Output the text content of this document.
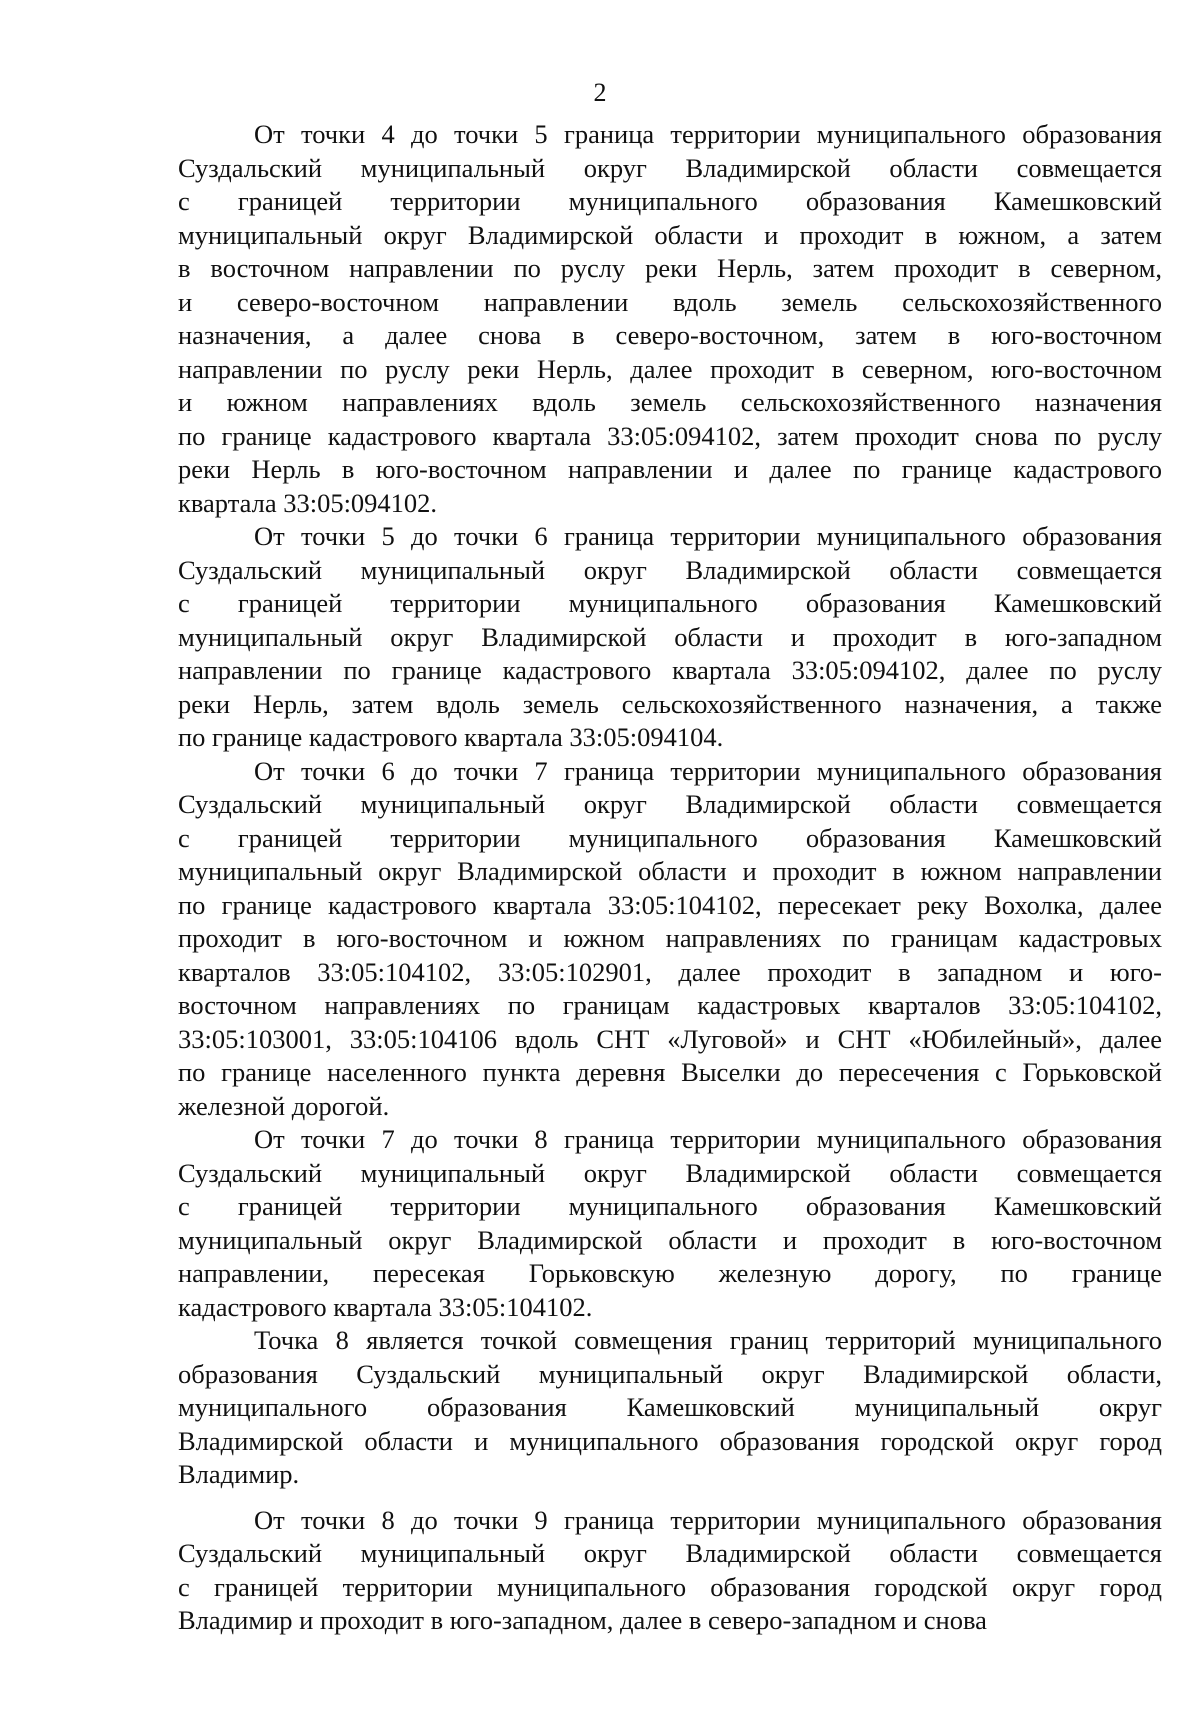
2
От точки 4 до точки 5 граница территории муниципального образования
Суздальский муниципальный округ Владимирской области совмещается
с границей территории муниципального образования Камешковский
муниципальный округ Владимирской области и проходит в южном, а затем
в восточном направлении по руслу реки Нерль, затем проходит в северном,
и северо-восточном направлении вдоль земель сельскохозяйственного
назначения, а далее снова в северо-восточном, затем в юго-восточном
направлении по руслу реки Нерль, далее проходит в северном, юго-восточном
и южном направлениях вдоль земель сельскохозяйственного назначения
по границе кадастрового квартала 33:05:094102, затем проходит снова по руслу
реки Нерль в юго-восточном направлении и далее по границе кадастрового
квартала 33:05:094102.
От точки 5 до точки 6 граница территории муниципального образования
Суздальский муниципальный округ Владимирской области совмещается
с границей территории муниципального образования Камешковский
муниципальный округ Владимирской области и проходит в юго-западном
направлении по границе кадастрового квартала 33:05:094102, далее по руслу
реки Нерль, затем вдоль земель сельскохозяйственного назначения, а также
по границе кадастрового квартала 33:05:094104.
От точки 6 до точки 7 граница территории муниципального образования
Суздальский муниципальный округ Владимирской области совмещается
с границей территории муниципального образования Камешковский
муниципальный округ Владимирской области и проходит в южном направлении
по границе кадастрового квартала 33:05:104102, пересекает реку Вохолка, далее
проходит в юго-восточном и южном направлениях по границам кадастровых
кварталов 33:05:104102, 33:05:102901, далее проходит в западном и юго-
восточном направлениях по границам кадастровых кварталов 33:05:104102,
33:05:103001, 33:05:104106 вдоль СНТ «Луговой» и СНТ «Юбилейный», далее
по границе населенного пункта деревня Выселки до пересечения с Горьковской
железной дорогой.
От точки 7 до точки 8 граница территории муниципального образования
Суздальский муниципальный округ Владимирской области совмещается
с границей территории муниципального образования Камешковский
муниципальный округ Владимирской области и проходит в юго-восточном
направлении, пересекая Горьковскую железную дорогу, по границе
кадастрового квартала 33:05:104102.
Точка 8 является точкой совмещения границ территорий муниципального
образования Суздальский муниципальный округ Владимирской области,
муниципального образования Камешковский муниципальный округ
Владимирской области и муниципального образования городской округ город
Владимир.
От точки 8 до точки 9 граница территории муниципального образования
Суздальский муниципальный округ Владимирской области совмещается
с границей территории муниципального образования городской округ город
Владимир и проходит в юго-западном, далее в северо-западном и снова
